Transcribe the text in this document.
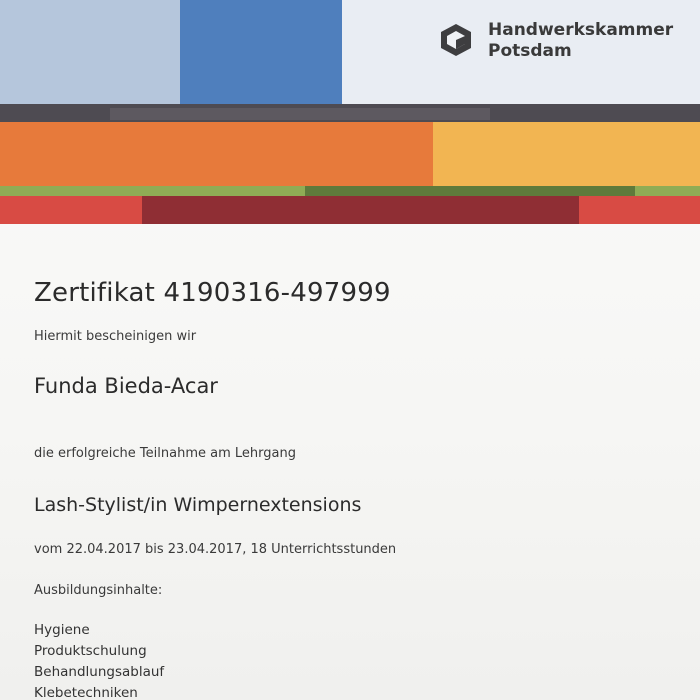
Handwerkskammer
Potsdam
Zertifikat 4190316-497999
Hiermit bescheinigen wir
Funda Bieda-Acar
die erfolgreiche Teilnahme am Lehrgang
Lash-Stylist/in Wimpernextensions
vom 22.04.2017 bis 23.04.2017, 18 Unterrichtsstunden
Ausbildungsinhalte:
Hygiene
Produktschulung
Behandlungsablauf
Klebetechniken
